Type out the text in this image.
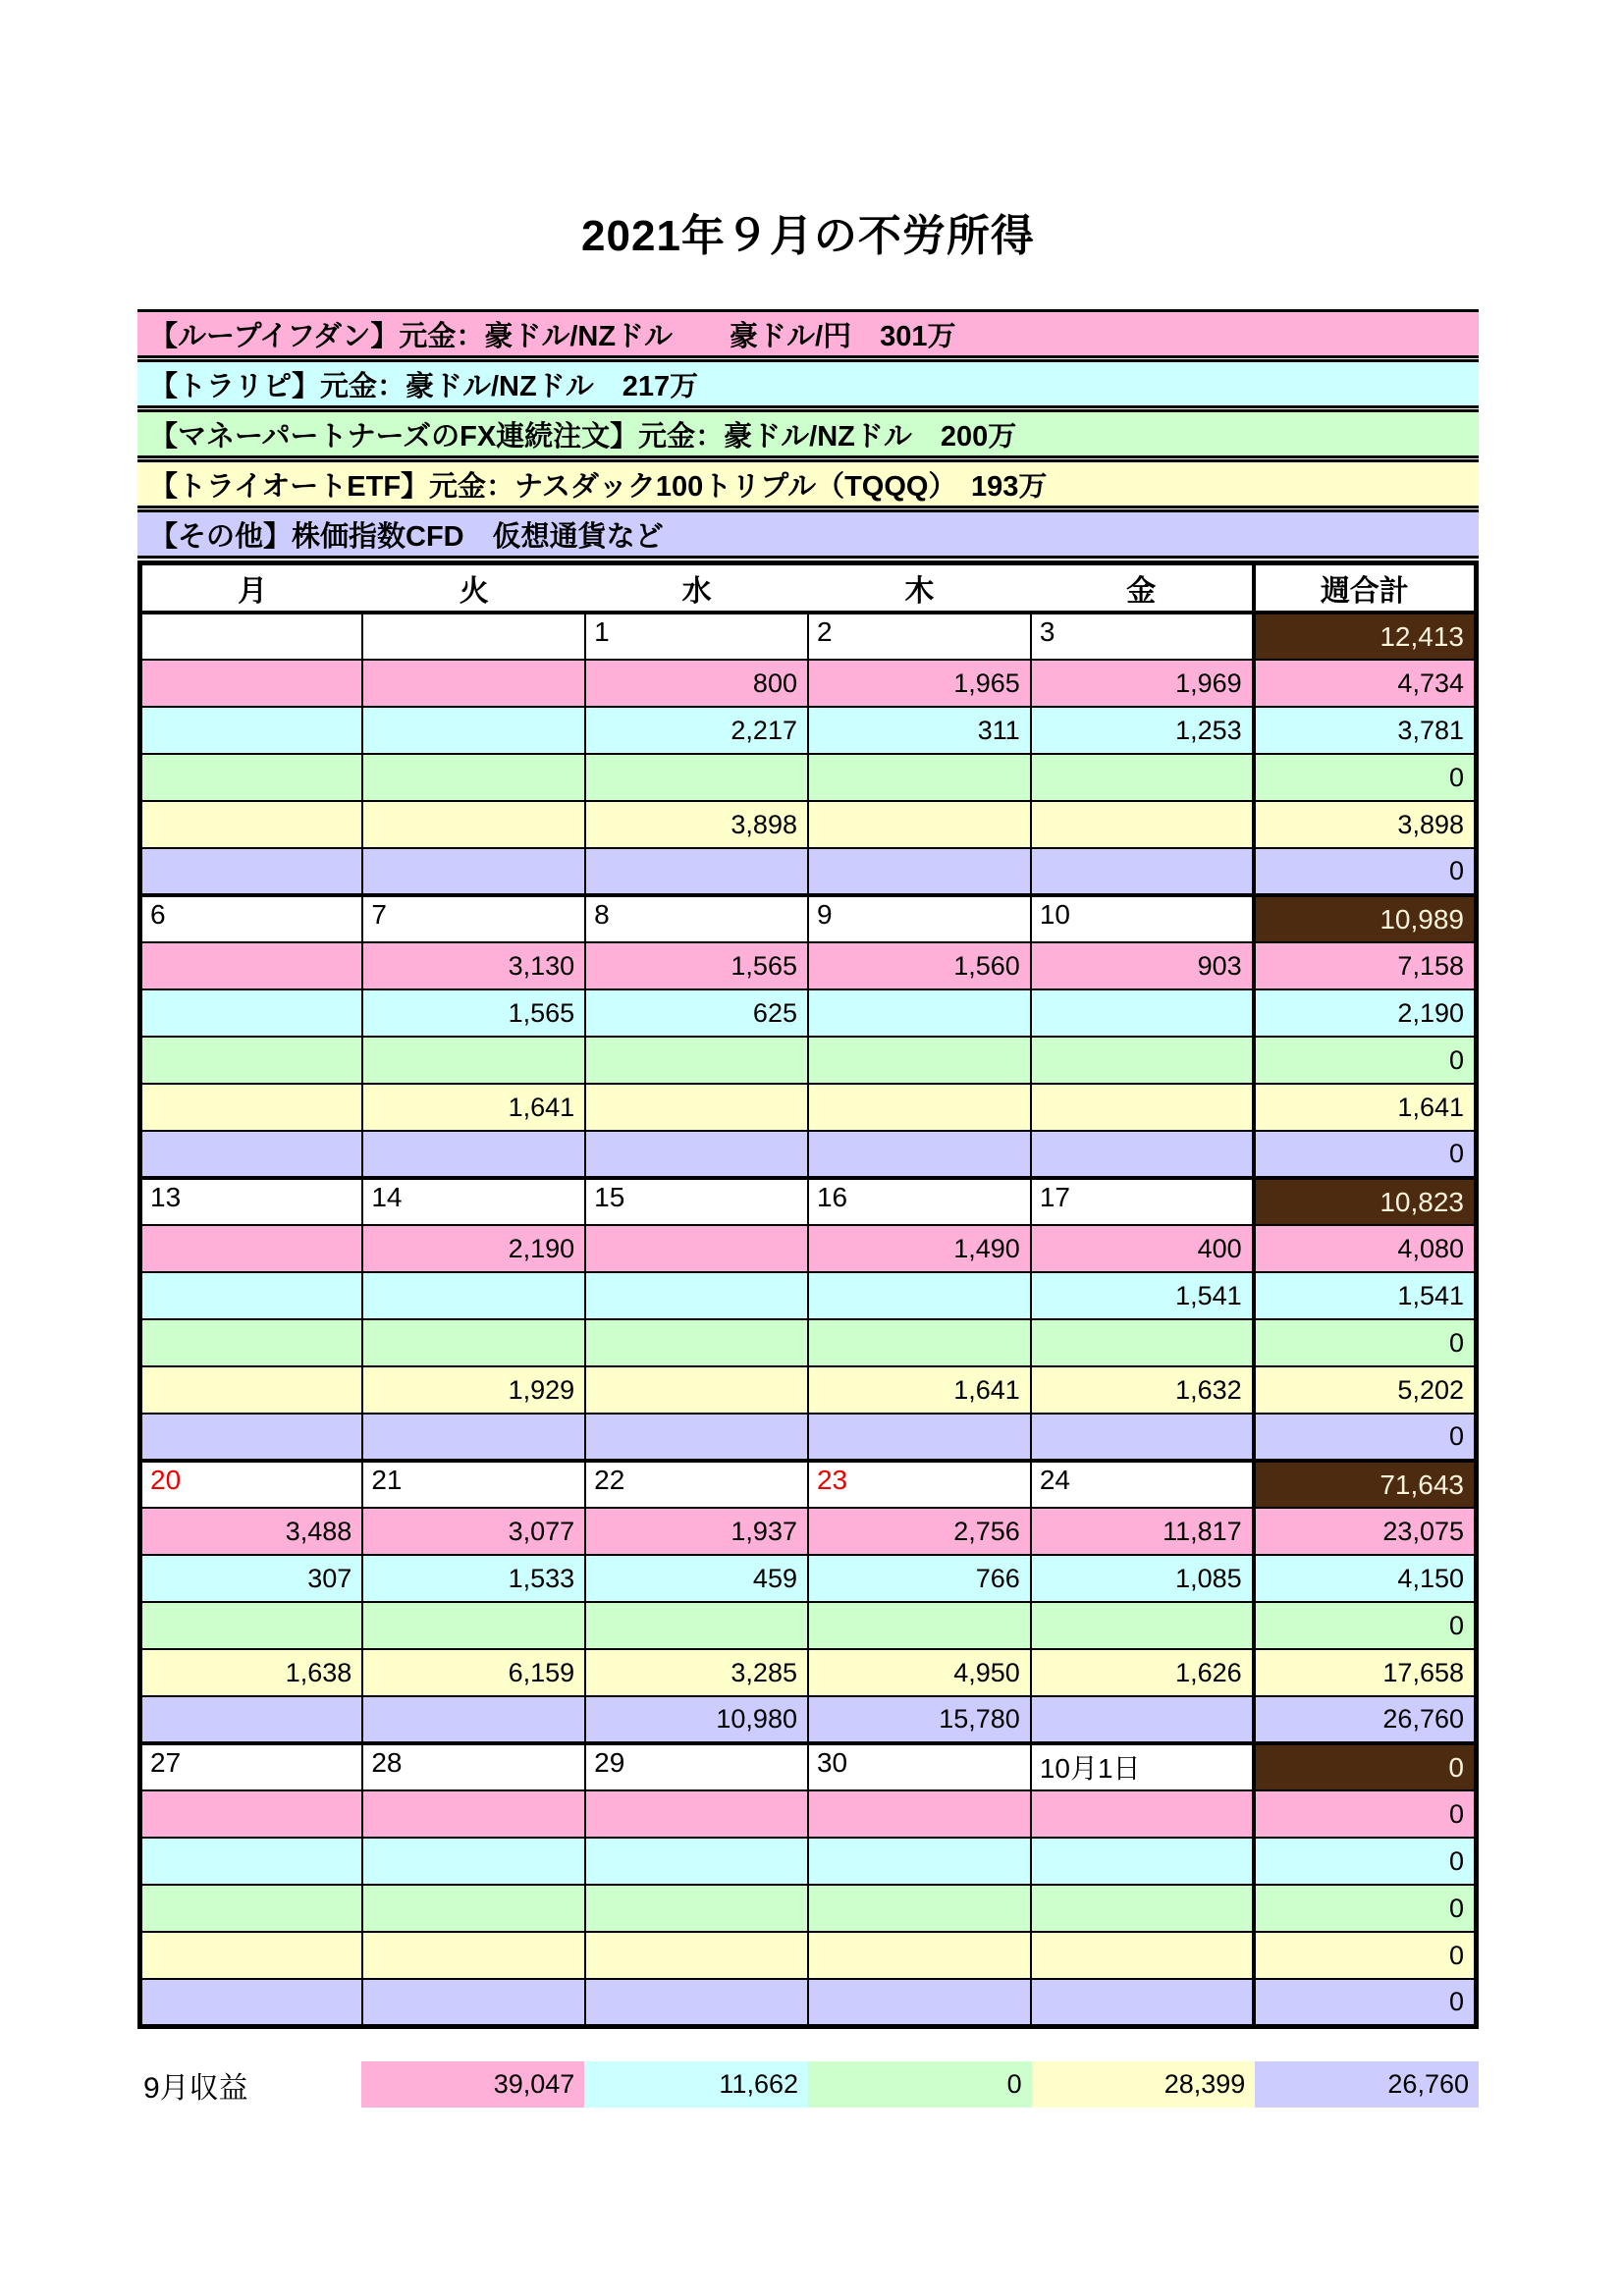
2021年９月の不労所得
【ループイフダン】元金：豪ドル/NZドル　　豪ドル/円　301万
【トラリピ】元金：豪ドル/NZドル　217万
【マネーパートナーズのFX連続注文】元金：豪ドル/NZドル　200万
【トライオートETF】元金：ナスダック100トリプル（TQQQ）　193万
【その他】株価指数CFD　仮想通貨など
月	火	水	木	金	週合計
		1	2	3	12,413
		800	1,965	1,969	4,734
		2,217	311	1,253	3,781
					0
		3,898			3,898
					0
6	7	8	9	10	10,989
	3,130	1,565	1,560	903	7,158
	1,565	625			2,190
					0
	1,641				1,641
					0
13	14	15	16	17	10,823
	2,190		1,490	400	4,080
				1,541	1,541
					0
	1,929		1,641	1,632	5,202
					0
20	21	22	23	24	71,643
3,488	3,077	1,937	2,756	11,817	23,075
307	1,533	459	766	1,085	4,150
					0
1,638	6,159	3,285	4,950	1,626	17,658
		10,980	15,780		26,760
27	28	29	30	10月1日	0
					0
					0
					0
					0
					0
9月収益	39,047	11,662	0	28,399	26,760
